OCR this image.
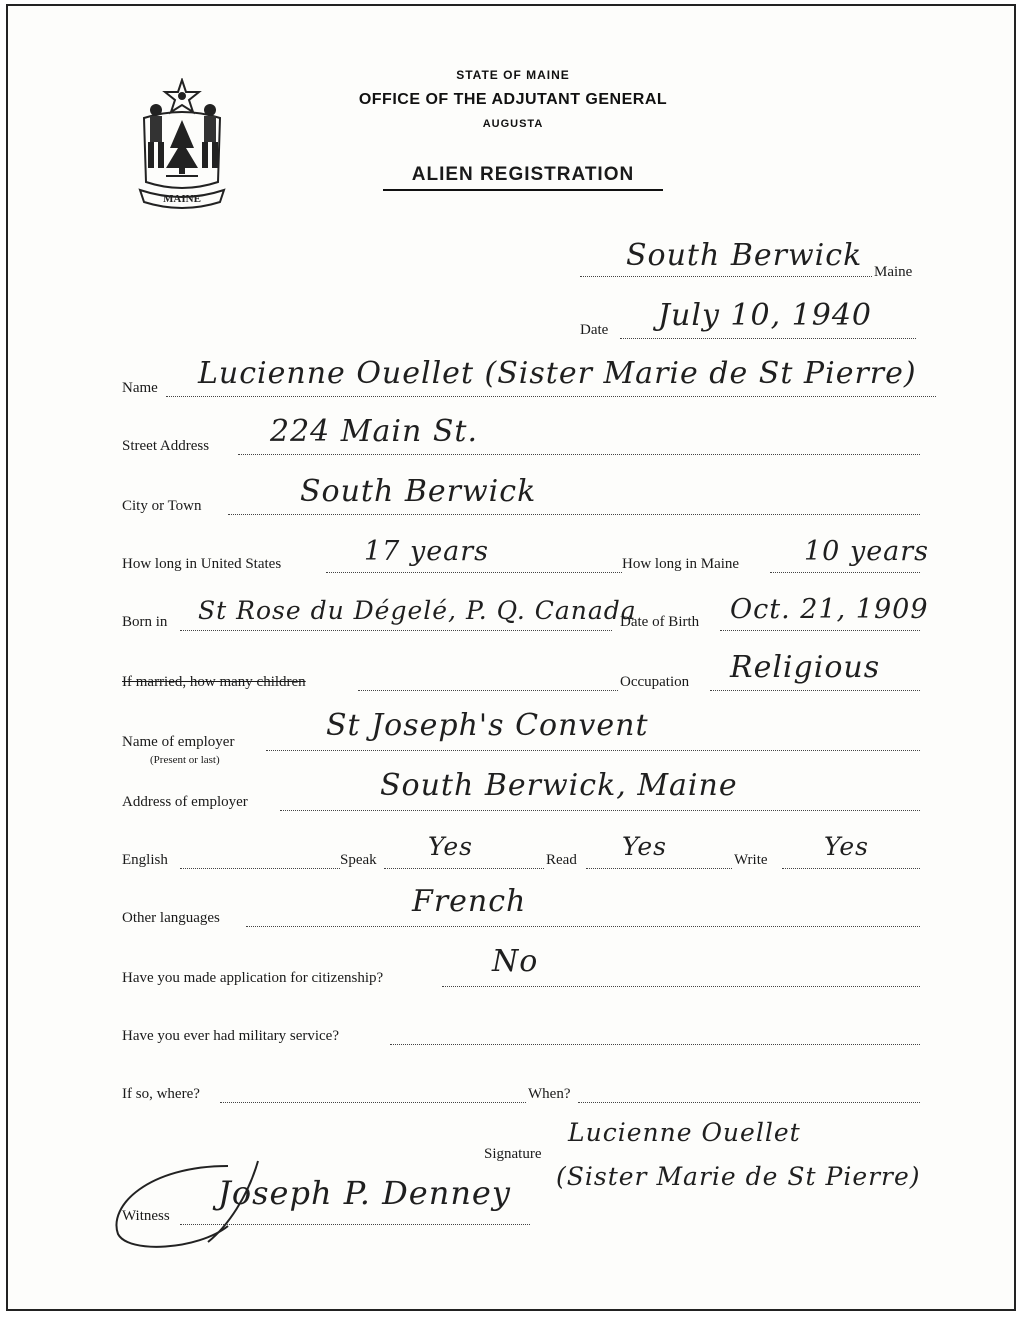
MAINE
STATE OF MAINE
OFFICE OF THE ADJUTANT GENERAL
AUGUSTA
ALIEN REGISTRATION
South Berwick Maine
Date July 10, 1940
Name Lucienne Ouellet (Sister Marie de St Pierre)
Street Address 224 Main St.
City or Town	South Berwick
How long in United States	17 years	How long in Maine 10 years
Born in St Rose du Dégelé, P. Q. Canada
Date of Birth Oct. 21, 1909
If married, how many children	Occupation Religious
Name of employer
(Present or last)
St Joseph's Convent
Address of employer	South Berwick, Maine
English	Speak Yes	Read Yes	Write Yes
Other languages	French
Have you made application for citizenship?	No
Have you ever had military service?
If so, where?	When?
Signature
Lucienne Ouellet
(Sister Marie de St Pierre)
Witness
Joseph P. Denney
